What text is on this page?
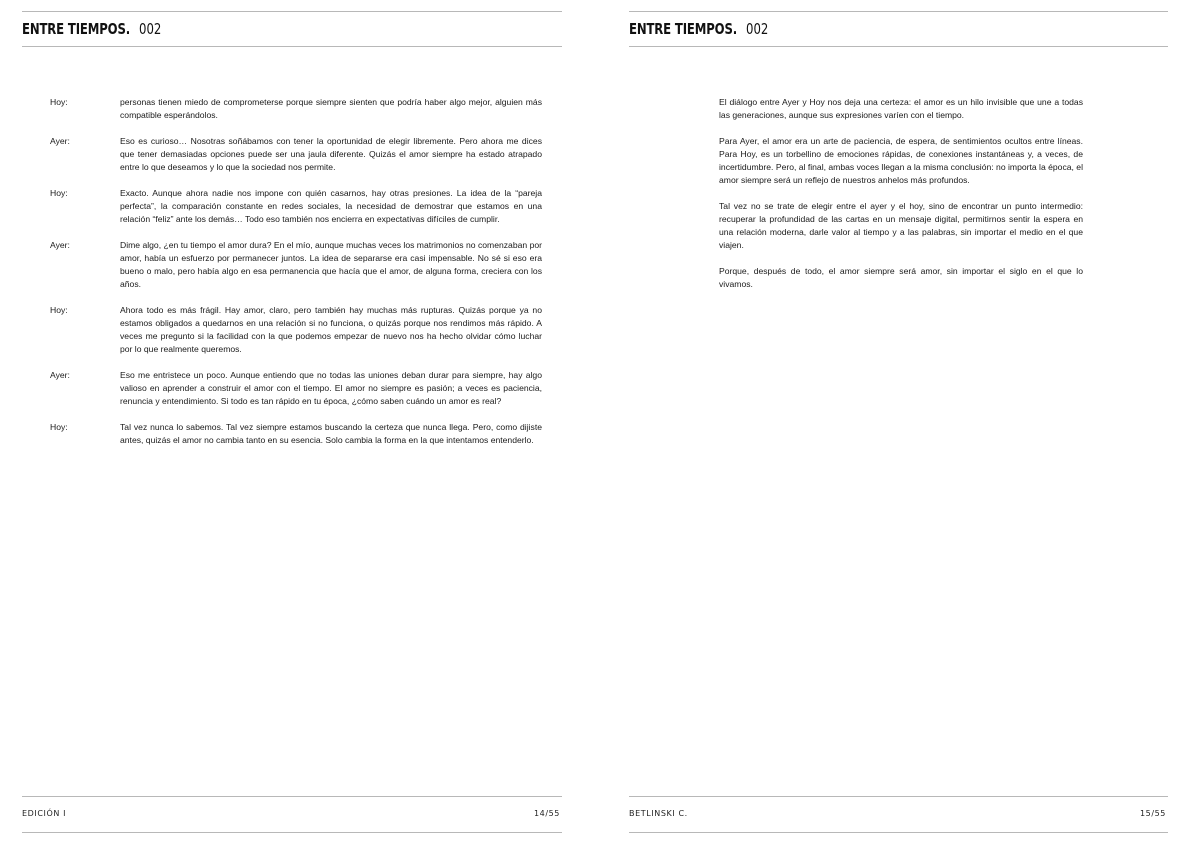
ENTRE TIEMPOS. 002
Hoy:	personas tienen miedo de comprometerse porque siempre sienten que podría haber algo mejor, alguien más compatible esperándolos.
Ayer:	Eso es curioso… Nosotras soñábamos con tener la oportunidad de elegir libremente. Pero ahora me dices que tener demasiadas opciones puede ser una jaula diferente. Quizás el amor siempre ha estado atrapado entre lo que deseamos y lo que la sociedad nos permite.
Hoy:	Exacto. Aunque ahora nadie nos impone con quién casarnos, hay otras presiones. La idea de la “pareja perfecta”, la comparación constante en redes sociales, la necesidad de demostrar que estamos en una relación “feliz” ante los demás… Todo eso también nos encierra en expectativas difíciles de cumplir.
Ayer:	Dime algo, ¿en tu tiempo el amor dura? En el mío, aunque muchas veces los matrimonios no comenzaban por amor, había un esfuerzo por permanecer juntos. La idea de separarse era casi impensable. No sé si eso era bueno o malo, pero había algo en esa permanencia que hacía que el amor, de alguna forma, creciera con los años.
Hoy:	Ahora todo es más frágil. Hay amor, claro, pero también hay muchas más rupturas. Quizás porque ya no estamos obligados a quedarnos en una relación si no funciona, o quizás porque nos rendimos más rápido. A veces me pregunto si la facilidad con la que podemos empezar de nuevo nos ha hecho olvidar cómo luchar por lo que realmente queremos.
Ayer:	Eso me entristece un poco. Aunque entiendo que no todas las uniones deban durar para siempre, hay algo valioso en aprender a construir el amor con el tiempo. El amor no siempre es pasión; a veces es paciencia, renuncia y entendimiento. Si todo es tan rápido en tu época, ¿cómo saben cuándo un amor es real?
Hoy:	Tal vez nunca lo sabemos. Tal vez siempre estamos buscando la certeza que nunca llega. Pero, como dijiste antes, quizás el amor no cambia tanto en su esencia. Solo cambia la forma en la que intentamos entenderlo.
EDICIÓN I	14/55
ENTRE TIEMPOS. 002

El diálogo entre Ayer y Hoy nos deja una certeza: el amor es un hilo invisible que une a todas las generaciones, aunque sus expresiones varíen con el tiempo.

Para Ayer, el amor era un arte de paciencia, de espera, de sentimientos ocultos entre líneas. Para Hoy, es un torbellino de emociones rápidas, de conexiones instantáneas y, a veces, de incertidumbre. Pero, al final, ambas voces llegan a la misma conclusión: no importa la época, el amor siempre será un reflejo de nuestros anhelos más profundos.

Tal vez no se trate de elegir entre el ayer y el hoy, sino de encontrar un punto intermedio: recuperar la profundidad de las cartas en un mensaje digital, permitirnos sentir la espera en una relación moderna, darle valor al tiempo y a las palabras, sin importar el medio en el que viajen.

Porque, después de todo, el amor siempre será amor, sin importar el siglo en el que lo vivamos.

BETLINSKI C.	15/55
